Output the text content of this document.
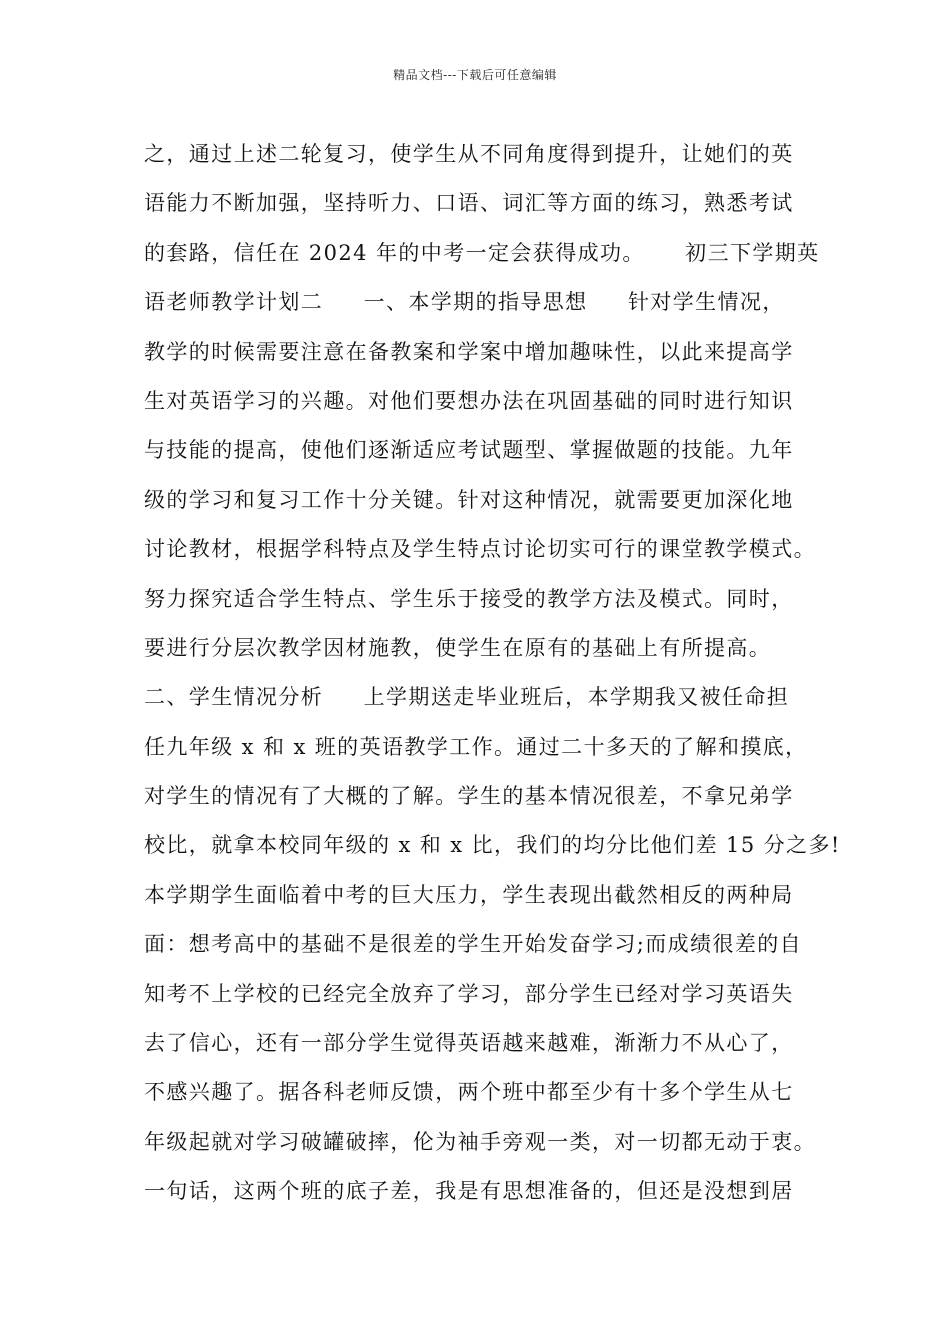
精品文档---下载后可任意编辑
之，通过上述二轮复习，使学生从不同角度得到提升，让她们的英
语能力不断加强，坚持听力、口语、词汇等方面的练习，熟悉考试
的套路，信任在 2024 年的中考一定会获得成功。     初三下学期英
语老师教学计划二     一、本学期的指导思想     针对学生情况，
教学的时候需要注意在备教案和学案中增加趣味性，以此来提高学
生对英语学习的兴趣。对他们要想办法在巩固基础的同时进行知识
与技能的提高，使他们逐渐适应考试题型、掌握做题的技能。九年
级的学习和复习工作十分关键。针对这种情况，就需要更加深化地
讨论教材，根据学科特点及学生特点讨论切实可行的课堂教学模式。
努力探究适合学生特点、学生乐于接受的教学方法及模式。同时，
要进行分层次教学因材施教，使学生在原有的基础上有所提高。
二、学生情况分析     上学期送走毕业班后，本学期我又被任命担
任九年级 x 和 x 班的英语教学工作。通过二十多天的了解和摸底，
对学生的情况有了大概的了解。学生的基本情况很差，不拿兄弟学
校比，就拿本校同年级的 x 和 x 比，我们的均分比他们差 15 分之多!
本学期学生面临着中考的巨大压力，学生表现出截然相反的两种局
面：想考高中的基础不是很差的学生开始发奋学习;而成绩很差的自
知考不上学校的已经完全放弃了学习，部分学生已经对学习英语失
去了信心，还有一部分学生觉得英语越来越难，渐渐力不从心了，
不感兴趣了。据各科老师反馈，两个班中都至少有十多个学生从七
年级起就对学习破罐破摔，伦为袖手旁观一类，对一切都无动于衷。
一句话，这两个班的底子差，我是有思想准备的，但还是没想到居
